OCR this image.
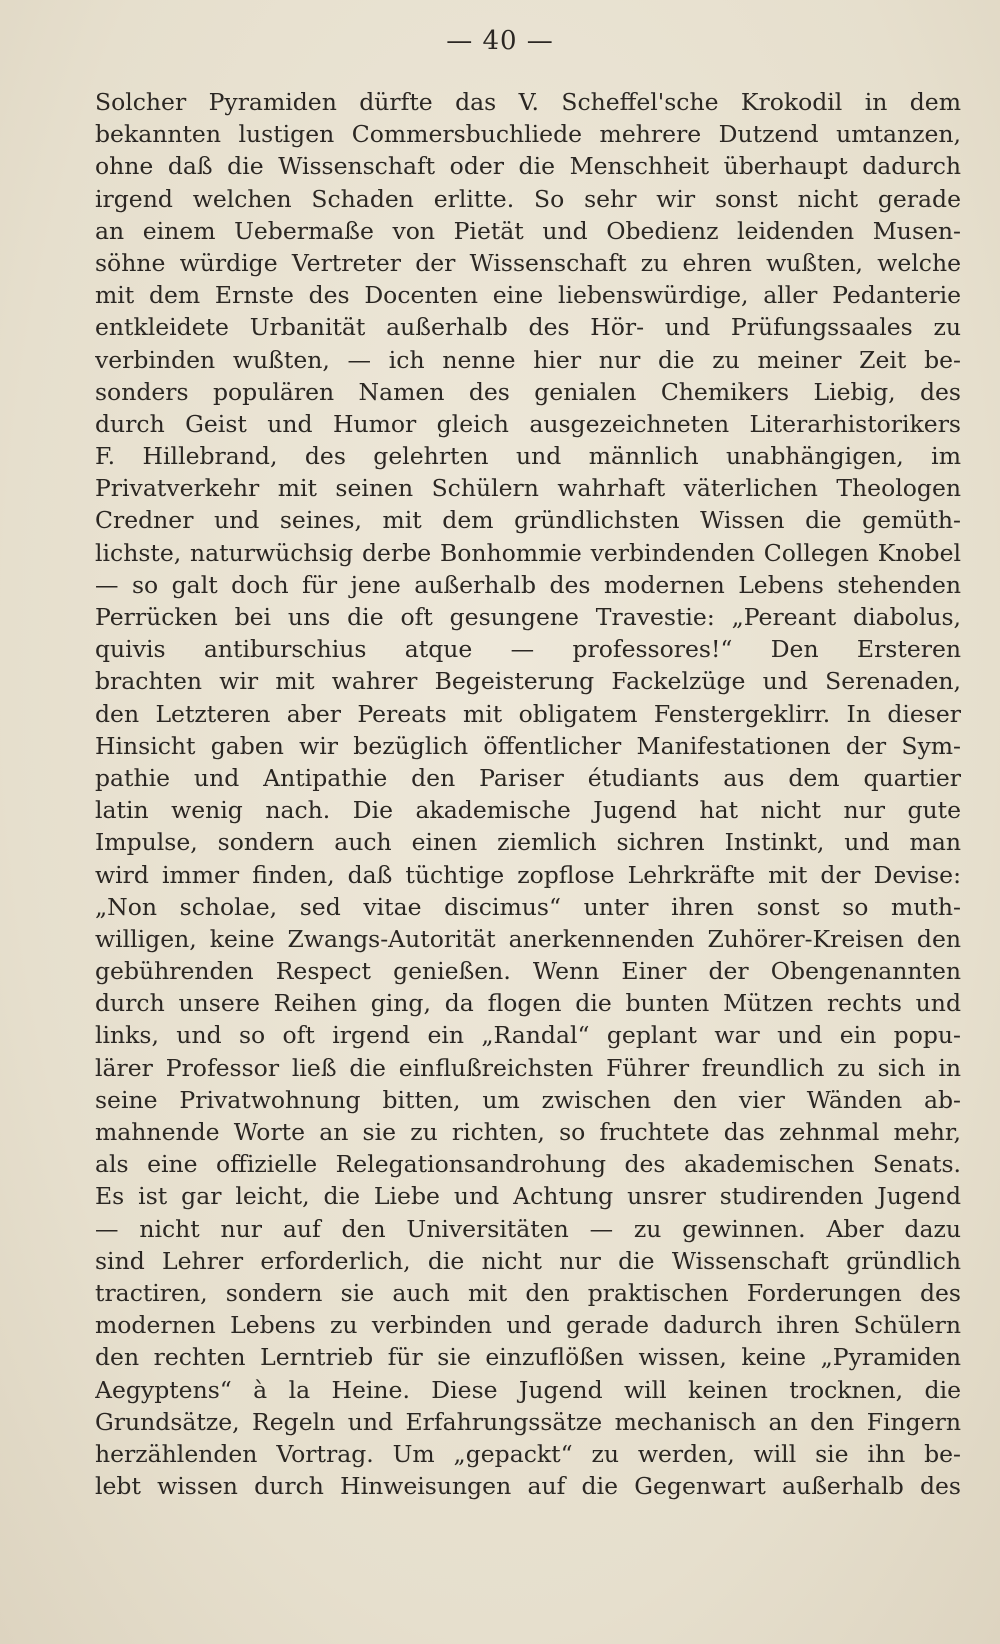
— 40 —
Solcher Pyramiden dürfte das V. Scheffel'sche Krokodil in dem
bekannten lustigen Commersbuchliede mehrere Dutzend umtanzen,
ohne daß die Wissenschaft oder die Menschheit überhaupt dadurch
irgend welchen Schaden erlitte. So sehr wir sonst nicht gerade
an einem Uebermaße von Pietät und Obedienz leidenden Musen-
söhne würdige Vertreter der Wissenschaft zu ehren wußten, welche
mit dem Ernste des Docenten eine liebenswürdige, aller Pedanterie
entkleidete Urbanität außerhalb des Hör- und Prüfungssaales zu
verbinden wußten, — ich nenne hier nur die zu meiner Zeit be-
sonders populären Namen des genialen Chemikers Liebig, des
durch Geist und Humor gleich ausgezeichneten Literarhistorikers
F. Hillebrand, des gelehrten und männlich unabhängigen, im
Privatverkehr mit seinen Schülern wahrhaft väterlichen Theologen
Credner und seines, mit dem gründlichsten Wissen die gemüth-
lichste, naturwüchsig derbe Bonhommie verbindenden Collegen Knobel
— so galt doch für jene außerhalb des modernen Lebens stehenden
Perrücken bei uns die oft gesungene Travestie: „Pereant diabolus,
quivis antiburschius atque — professores!“ Den Ersteren
brachten wir mit wahrer Begeisterung Fackelzüge und Serenaden,
den Letzteren aber Pereats mit obligatem Fenstergeklirr. In dieser
Hinsicht gaben wir bezüglich öffentlicher Manifestationen der Sym-
pathie und Antipathie den Pariser étudiants aus dem quartier
latin wenig nach. Die akademische Jugend hat nicht nur gute
Impulse, sondern auch einen ziemlich sichren Instinkt, und man
wird immer finden, daß tüchtige zopflose Lehrkräfte mit der Devise:
„Non scholae, sed vitae discimus“ unter ihren sonst so muth-
willigen, keine Zwangs-Autorität anerkennenden Zuhörer-Kreisen den
gebührenden Respect genießen. Wenn Einer der Obengenannten
durch unsere Reihen ging, da flogen die bunten Mützen rechts und
links, und so oft irgend ein „Randal“ geplant war und ein popu-
lärer Professor ließ die einflußreichsten Führer freundlich zu sich in
seine Privatwohnung bitten, um zwischen den vier Wänden ab-
mahnende Worte an sie zu richten, so fruchtete das zehnmal mehr,
als eine offizielle Relegationsandrohung des akademischen Senats.
Es ist gar leicht, die Liebe und Achtung unsrer studirenden Jugend
— nicht nur auf den Universitäten — zu gewinnen. Aber dazu
sind Lehrer erforderlich, die nicht nur die Wissenschaft gründlich
tractiren, sondern sie auch mit den praktischen Forderungen des
modernen Lebens zu verbinden und gerade dadurch ihren Schülern
den rechten Lerntrieb für sie einzuflößen wissen, keine „Pyramiden
Aegyptens“ à la Heine. Diese Jugend will keinen trocknen, die
Grundsätze, Regeln und Erfahrungssätze mechanisch an den Fingern
herzählenden Vortrag. Um „gepackt“ zu werden, will sie ihn be-
lebt wissen durch Hinweisungen auf die Gegenwart außerhalb des
